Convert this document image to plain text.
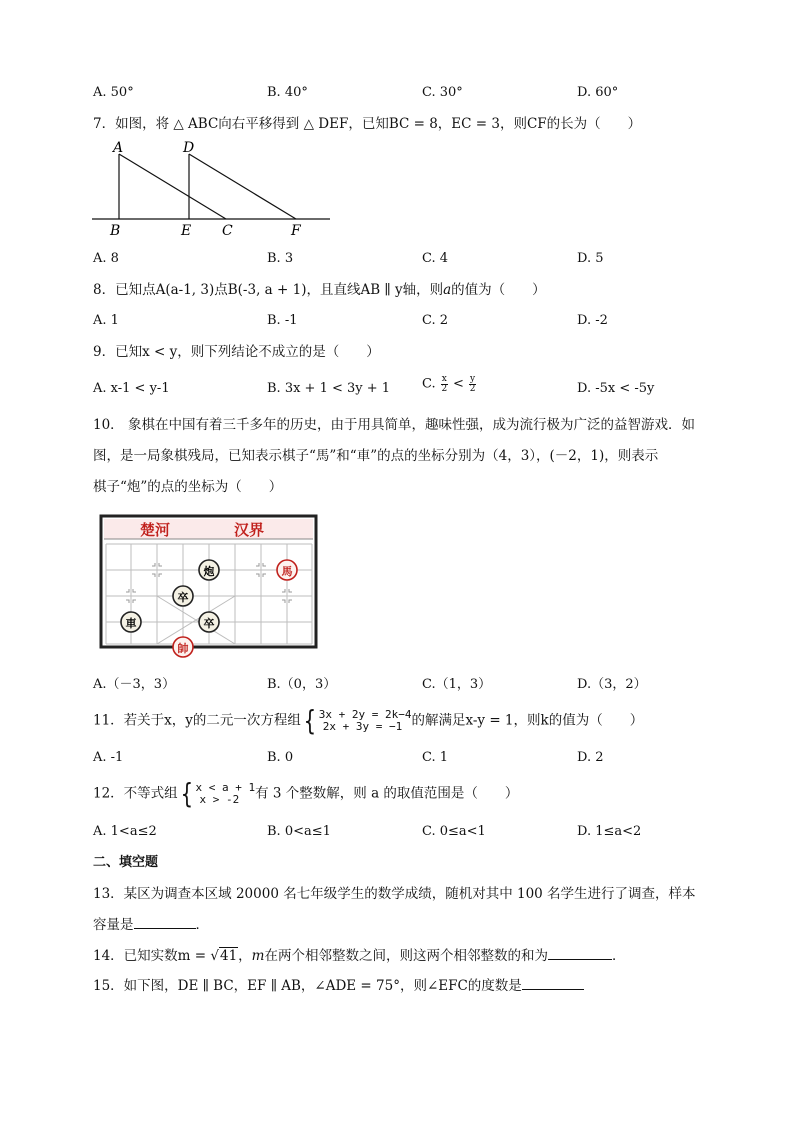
A. 50°	B. 40°	C. 30°	D. 60°
7．如图，将 △ ABC向右平移得到 △ DEF，已知BC = 8，EC = 3，则CF的长为（　　）
A	D
B	E C	F
A. 8	B. 3	C. 4	D. 5
8．已知点A(a-1, 3)点B(-3, a + 1)，且直线AB ∥ y轴，则a的值为（　　）
A. 1	B. -1	C. 2	D. -2
9．已知x < y，则下列结论不成立的是（　　）
A. x-1 < y-1	B. 3x + 1 < 3y + 1 C. $\frac{x}{2} < \frac{y}{2}$	D. -5x < -5y
10． 象棋在中国有着三千多年的历史，由于用具简单，趣味性强，成为流行极为广泛的益智游戏．如
图，是一局象棋残局，已知表示棋子“馬”和“車”的点的坐标分别为（4，3），(－2，1)，则表示
棋子“炮”的点的坐标为（　　）
楚河	汉界
炮	馬
卒
車	卒
帥
A.（－3，3）	B.（0，3）	C.（1，3）	D.（3，2）
11．若关于x，y的二元一次方程组{ 3x + 2y = 2k−4
2x + 3y = −1 的解满足x-y = 1，则k的值为（　　）
A. -1	B. 0	C. 1	D. 2
12．不等式组{ x < a + 1
x > -2	有 3 个整数解，则 a 的取值范围是（　　）
A. 1<a≤2	B. 0<a≤1	C. 0≤a<1	D. 1≤a<2
二、填空题
13．某区为调查本区域 20000 名七年级学生的数学成绩，随机对其中 100 名学生进行了调查，样本
容量是	．
14．已知实数m = √41，m在两个相邻整数之间，则这两个相邻整数的和为	．
15．如下图，DE ∥ BC，EF ∥ AB，∠ADE = 75°，则∠EFC的度数是
